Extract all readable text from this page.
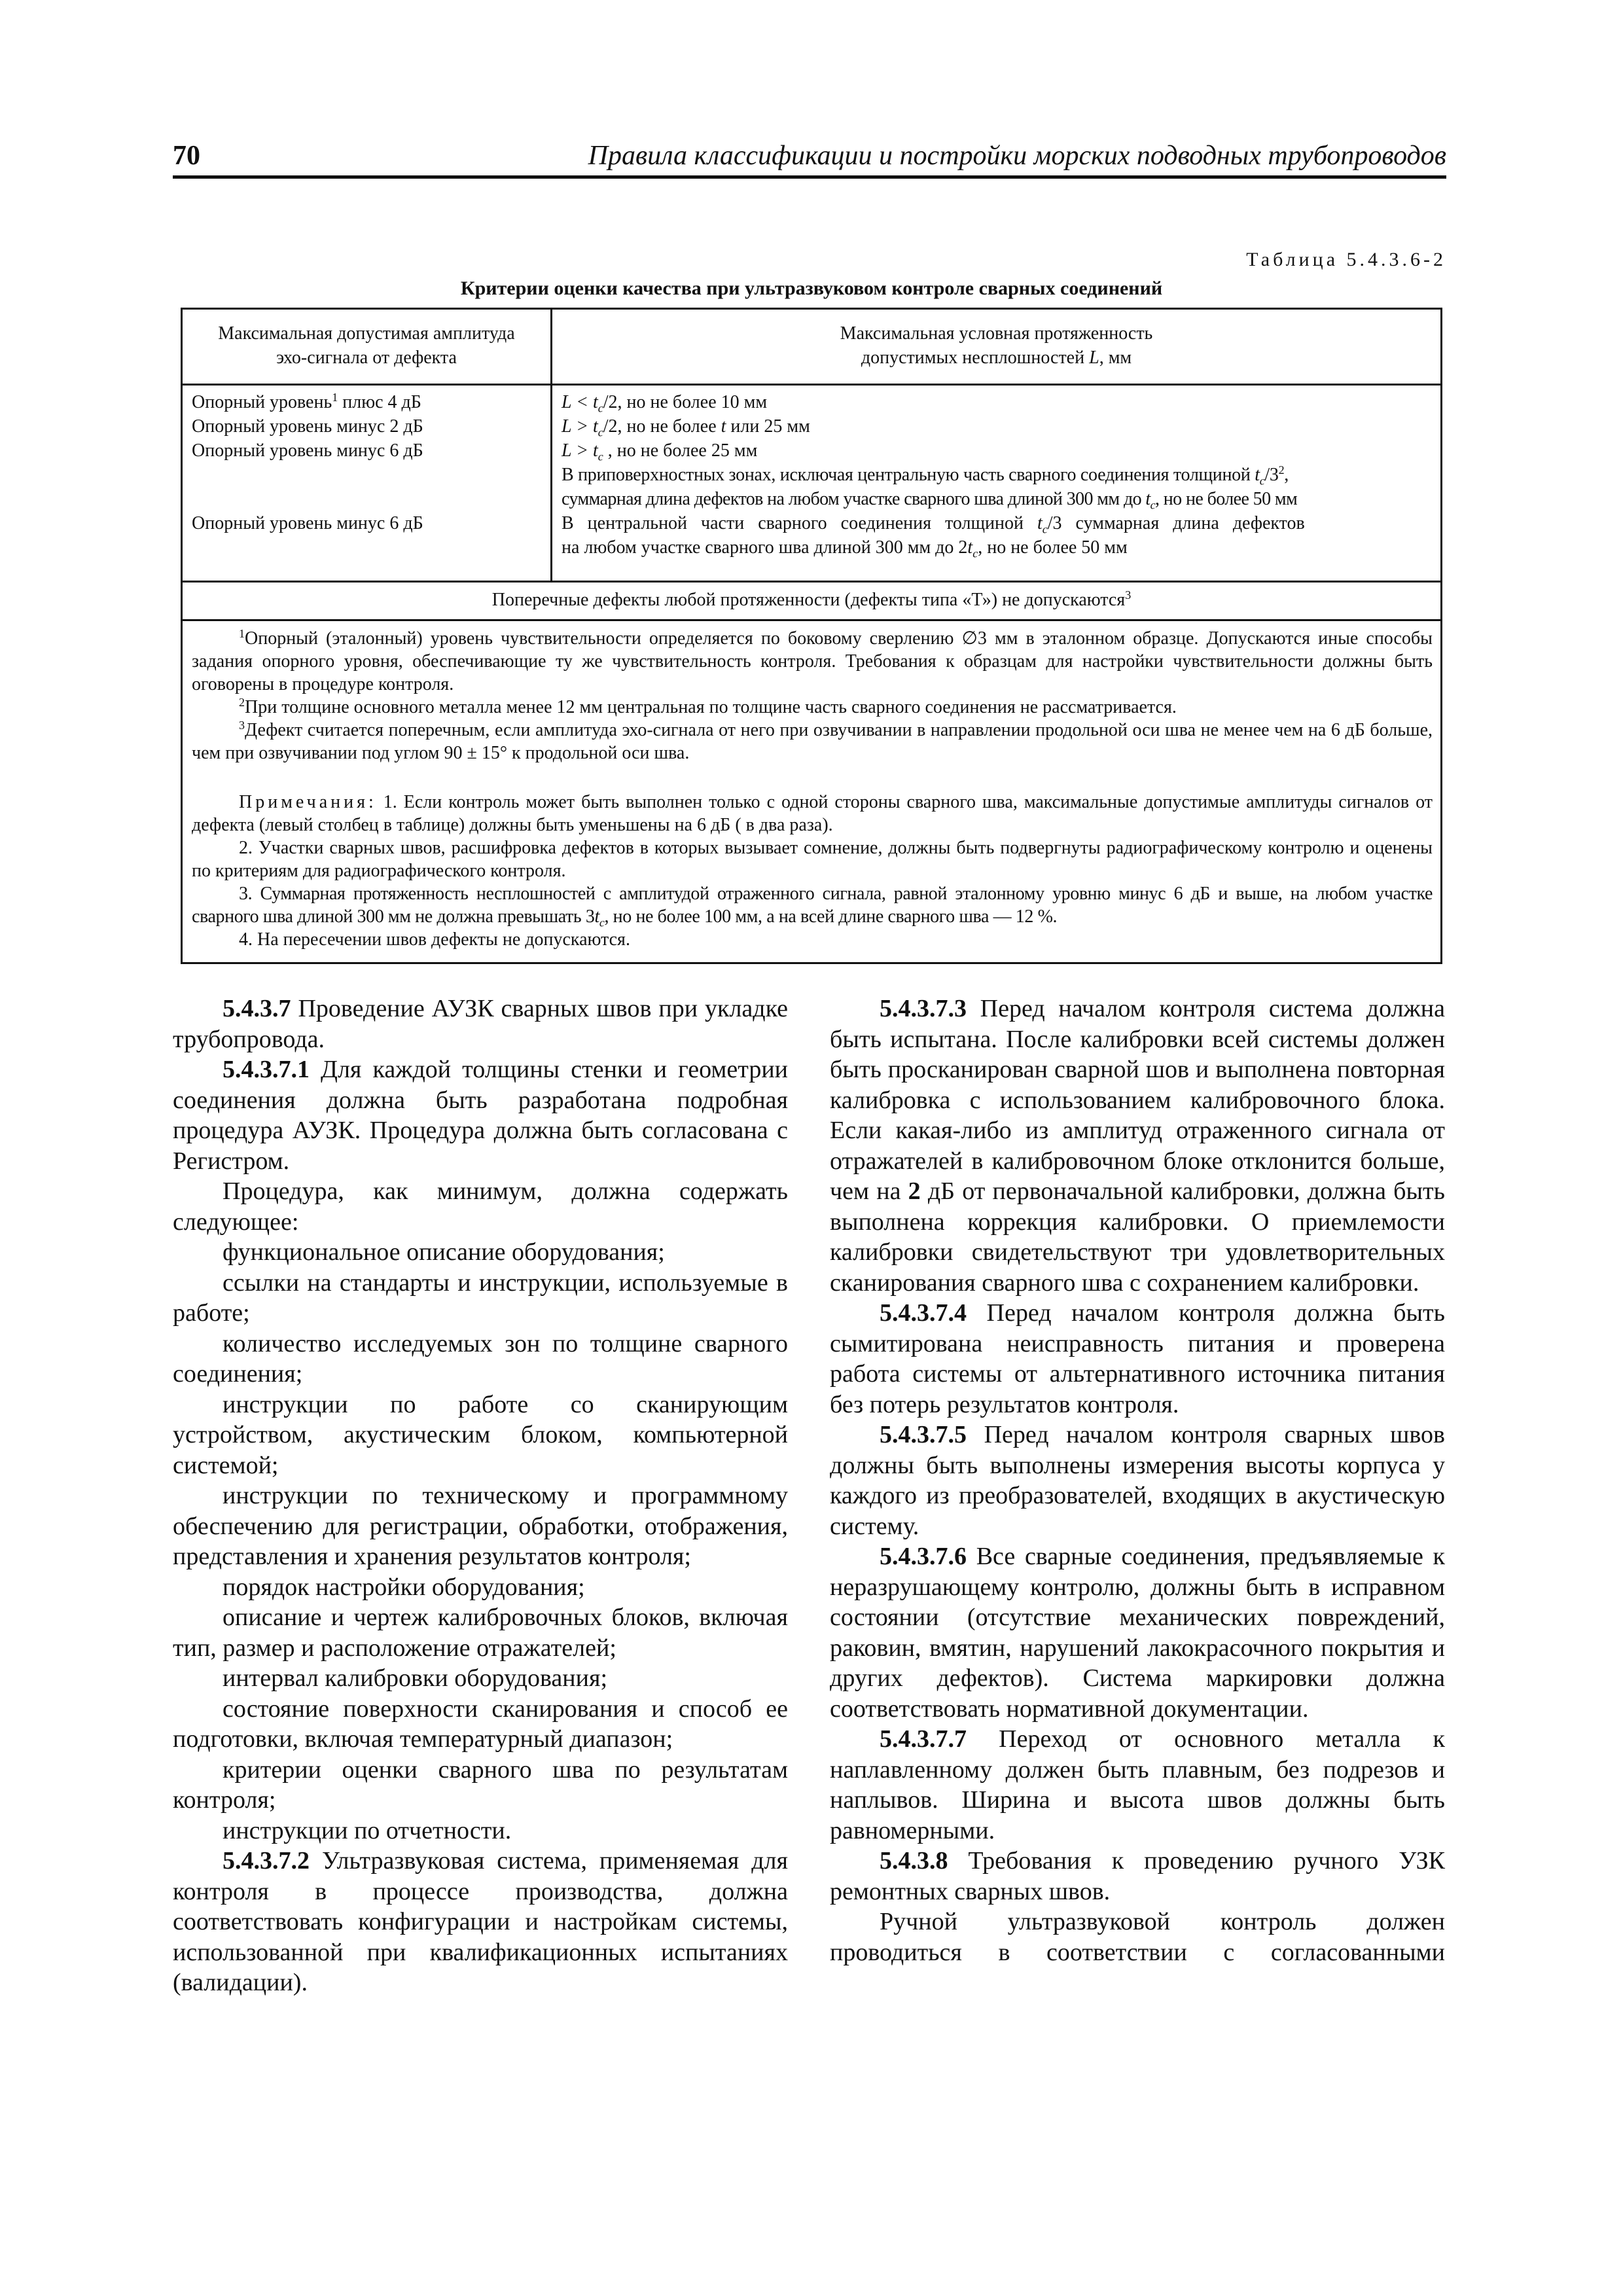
70	Правила классификации и постройки морских подводных трубопроводов
Таблица 5.4.3.6-2
Критерии оценки качества при ультразвуковом контроле сварных соединений
Максимальная допустимая амплитуда
эхо-сигнала от дефекта
Максимальная условная протяженность
допустимых несплошностей L, мм
Опорный уровень$^1$ плюс 4 дБ
Опорный уровень минус 2 дБ
Опорный уровень минус 6 дБ
Опорный уровень минус 6 дБ
$L < t_c/2$, но не более 10 мм
$L > t_c/2$, но не более t или 25 мм
$L > t_c$ , но не более 25 мм
В приповерхностных зонах, исключая центральную часть сварного соединения толщиной $t_c/3^2$,
суммарная длина дефектов на любом участке сварного шва длиной 300 мм до $t_c$, но не более 50 мм
В центральной части сварного соединения толщиной $t_c/3$ суммарная длина дефектов
на любом участке сварного шва длиной 300 мм до $2t_c$, но не более 50 мм
Поперечные дефекты любой протяженности (дефекты типа «Т») не допускаются$^3$

$^1$Опорный (эталонный) уровень чувствительности определяется по боковому сверлению ∅3 мм в эталонном образце. Допускаются иные способы задания опорного уровня, обеспечивающие ту же чувствительность контроля. Требования к образцам для настройки чувствительности должны быть оговорены в процедуре контроля.

$^2$При толщине основного металла менее 12 мм центральная по толщине часть сварного соединения не рассматривается.

$^3$Дефект считается поперечным, если амплитуда эхо-сигнала от него при озвучивании в направлении продольной оси шва не менее чем на 6 дБ больше, чем при озвучивании под углом 90 ± 15° к продольной оси шва.

Примечания: 1. Если контроль может быть выполнен только с одной стороны сварного шва, максимальные допустимые амплитуды сигналов от дефекта (левый столбец в таблице) должны быть уменьшены на 6 дБ ( в два раза).

2. Участки сварных швов, расшифровка дефектов в которых вызывает сомнение, должны быть подвергнуты радиографическому контролю и оценены по критериям для радиографического контроля.

3. Суммарная протяженность несплошностей с амплитудой отраженного сигнала, равной эталонному уровню минус 6 дБ и выше, на любом участке сварного шва длиной 300 мм не должна превышать $3t_c$, но не более 100 мм, а на всей длине сварного шва — 12 %.

4. На пересечении швов дефекты не допускаются.

5.4.3.7 Проведение АУЗК сварных швов при укладке трубопровода.

5.4.3.7.1 Для каждой толщины стенки и геометрии соединения должна быть разработана подробная процедура АУЗК. Процедура должна быть согласована с Регистром.

Процедура, как минимум, должна содержать следующее:

функциональное описание оборудования;

ссылки на стандарты и инструкции, используемые в работе;

количество исследуемых зон по толщине сварного соединения;

инструкции по работе со сканирующим устройством, акустическим блоком, компьютерной системой;

инструкции по техническому и программному обеспечению для регистрации, обработки, отображения, представления и хранения результатов контроля;

порядок настройки оборудования;

описание и чертеж калибровочных блоков, включая тип, размер и расположение отражателей;

интервал калибровки оборудования;

состояние поверхности сканирования и способ ее подготовки, включая температурный диапазон;

критерии оценки сварного шва по результатам контроля;

инструкции по отчетности.

5.4.3.7.2 Ультразвуковая система, применяемая для контроля в процессе производства, должна соответствовать конфигурации и настройкам системы, использованной при квалификационных испытаниях (валидации).

5.4.3.7.3 Перед началом контроля система должна быть испытана. После калибровки всей системы должен быть просканирован сварной шов и выполнена повторная калибровка с использованием калибровочного блока. Если какая-либо из амплитуд отраженного сигнала от отражателей в калибровочном блоке отклонится больше, чем на 2 дБ от первоначальной калибровки, должна быть выполнена коррекция калибровки. О приемлемости калибровки свидетельствуют три удовлетворительных сканирования сварного шва с сохранением калибровки.

5.4.3.7.4 Перед началом контроля должна быть сымитирована неисправность питания и проверена работа системы от альтернативного источника питания без потерь результатов контроля.

5.4.3.7.5 Перед началом контроля сварных швов должны быть выполнены измерения высоты корпуса у каждого из преобразователей, входящих в акустическую систему.

5.4.3.7.6 Все сварные соединения, предъявляемые к неразрушающему контролю, должны быть в исправном состоянии (отсутствие механических повреждений, раковин, вмятин, нарушений лакокрасочного покрытия и других дефектов). Система маркировки должна соответствовать нормативной документации.

5.4.3.7.7 Переход от основного металла к наплавленному должен быть плавным, без подрезов и наплывов. Ширина и высота швов должны быть равномерными.

5.4.3.8 Требования к проведению ручного УЗК ремонтных сварных швов.

Ручной ультразвуковой контроль должен проводиться в соответствии с согласованными
